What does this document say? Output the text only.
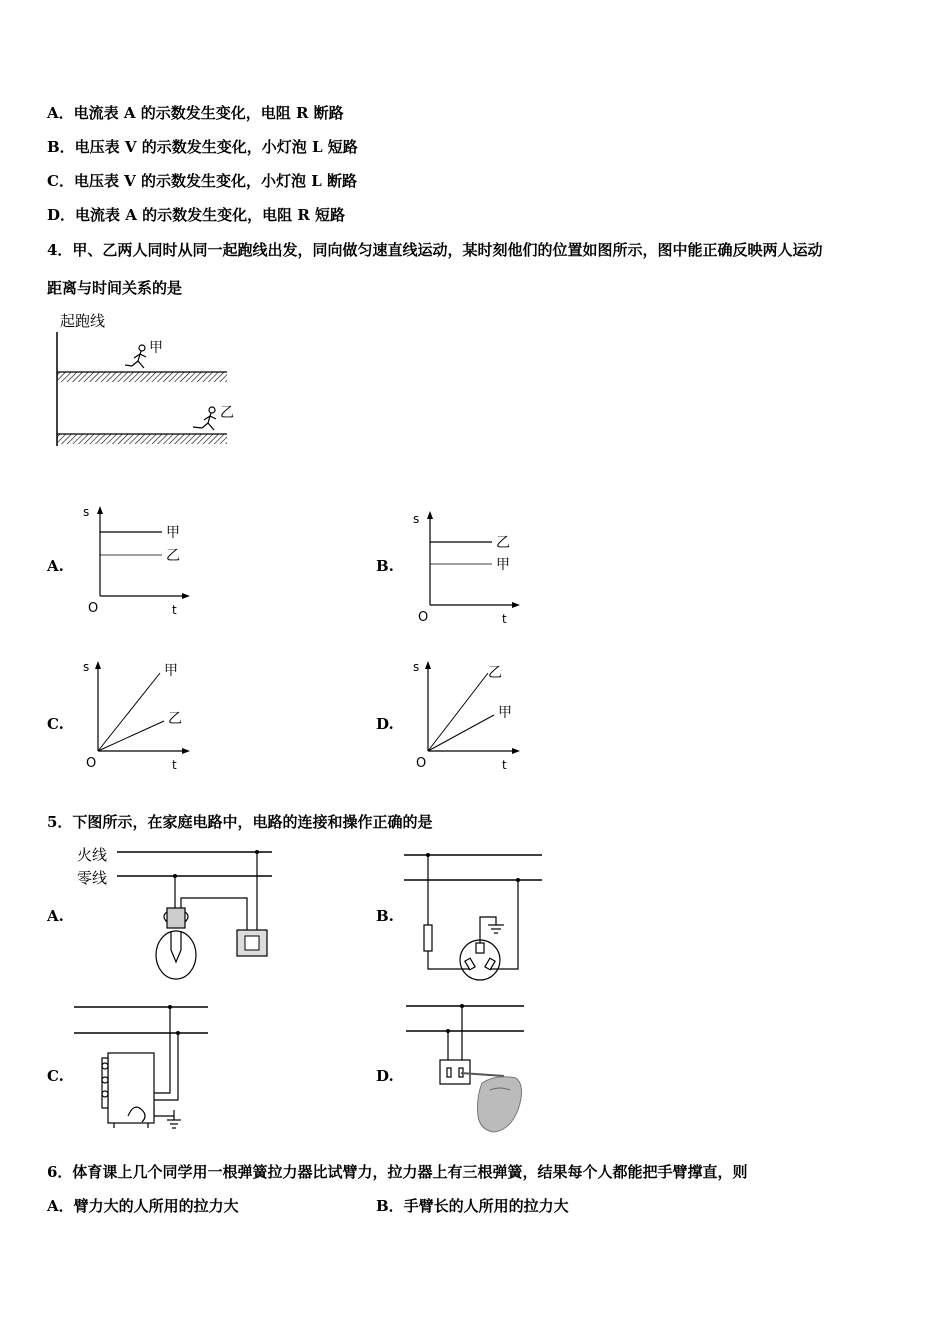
A．电流表 A 的示数发生变化，电阻 R 断路
B．电压表 V 的示数发生变化，小灯泡 L 短路
C．电压表 V 的示数发生变化，小灯泡 L 断路
D．电流表 A 的示数发生变化，电阻 R 短路
4．甲、乙两人同时从同一起跑线出发，同向做匀速直线运动，某时刻他们的位置如图所示，图中能正确反映两人运动
距离与时间关系的是
起跑线
甲
乙
A.
s
t
O
甲
乙
B.
s
t
O
乙
甲
C.
s
t
O
甲
乙	D.
s
t
O
乙
甲
5．下图所示，在家庭电路中，电路的连接和操作正确的是
A.
火线
零线
B.
C.	D.
6．体育课上几个同学用一根弹簧拉力器比试臂力，拉力器上有三根弹簧，结果每个人都能把手臂撑直，则
A．臂力大的人所用的拉力大	B．手臂长的人所用的拉力大
